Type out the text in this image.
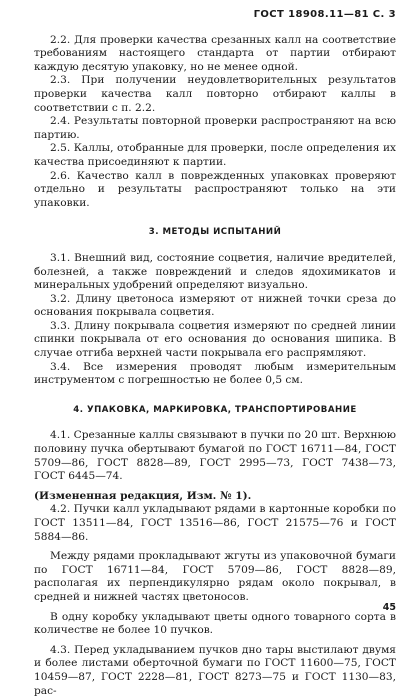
ГОСТ 18908.11—81 С. 3

2.2. Для проверки качества срезанных калл на соответствие требованиям настоящего стандарта от партии отбирают каждую десятую упаковку, но не менее одной.

2.3. При получении неудовлетворительных результатов проверки качества калл повторно отбирают каллы в соответствии с п. 2.2.

2.4. Результаты повторной проверки распространяют на всю партию.

2.5. Каллы, отобранные для проверки, после определения их качества присоединяют к партии.

2.6. Качество калл в поврежденных упаковках проверяют отдельно и результаты распространяют только на эти упаковки.

3. МЕТОДЫ ИСПЫТАНИЙ

3.1. Внешний вид, состояние соцветия, наличие вредителей, болезней, а также повреждений и следов ядохимикатов и минеральных удобрений определяют визуально.

3.2. Длину цветоноса измеряют от нижней точки среза до основания покрывала соцветия.

3.3. Длину покрывала соцветия измеряют по средней линии спинки покрывала от его основания до основания шипика. В случае отгиба верхней части покрывала его распрямляют.

3.4. Все измерения проводят любым измерительным инструментом с погрешностью не более 0,5 см.

4. УПАКОВКА, МАРКИРОВКА, ТРАНСПОРТИРОВАНИЕ

4.1. Срезанные каллы связывают в пучки по 20 шт. Верхнюю половину пучка обертывают бумагой по ГОСТ 16711—84, ГОСТ 5709—86, ГОСТ 8828—89, ГОСТ 2995—73, ГОСТ 7438—73, ГОСТ 6445—74.

(Измененная редакция, Изм. № 1).

4.2. Пучки калл укладывают рядами в картонные коробки по ГОСТ 13511—84, ГОСТ 13516—86, ГОСТ 21575—76 и ГОСТ 5884—86.

Между рядами прокладывают жгуты из упаковочной бумаги по ГОСТ 16711—84, ГОСТ 5709—86, ГОСТ 8828—89, располагая их перпендикулярно рядам около покрывал, в средней и нижней частях цветоносов.

В одну коробку укладывают цветы одного товарного сорта в количестве не более 10 пучков.

4.3. Перед укладыванием пучков дно тары выстилают двумя и более листами оберточной бумаги по ГОСТ 11600—75, ГОСТ 10459—87, ГОСТ 2228—81, ГОСТ 8273—75 и ГОСТ 1130—83, рас-

45
